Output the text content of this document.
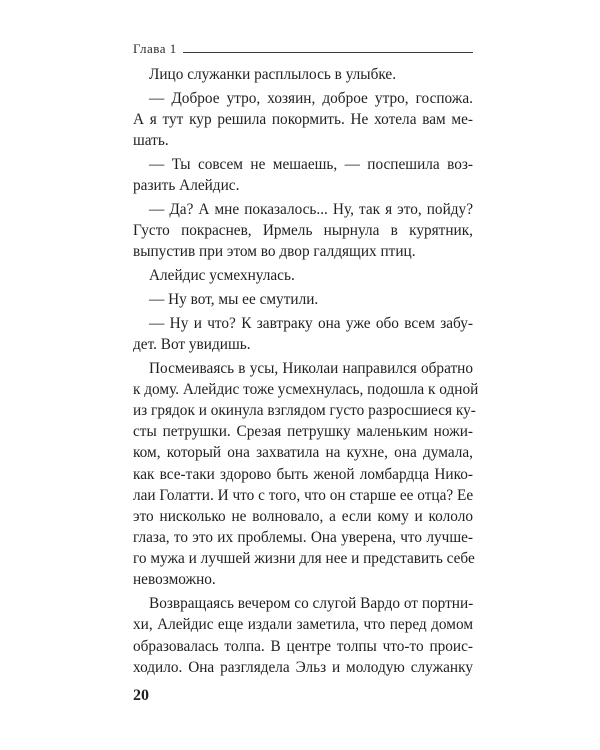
Глава 1
Лицо служанки расплылось в улыбке.
— Доброе утро, хозяин, доброе утро, госпожа.
А я тут кур решила покормить. Не хотела вам ме-
шать.
— Ты совсем не мешаешь, — поспешила воз-
разить Алейдис.
— Да? А мне показалось... Ну, так я это, пойду?
Густо покраснев, Ирмель нырнула в курятник,
выпустив при этом во двор галдящих птиц.
Алейдис усмехнулась.
— Ну вот, мы ее смутили.
— Ну и что? К завтраку она уже обо всем забу-
дет. Вот увидишь.
Посмеиваясь в усы, Николаи направился обратно
к дому. Алейдис тоже усмехнулась, подошла к одной
из грядок и окинула взглядом густо разросшиеся ку-
сты петрушки. Срезая петрушку маленьким ножи-
ком, который она захватила на кухне, она думала,
как все-таки здорово быть женой ломбардца Нико-
лаи Голатти. И что с того, что он старше ее отца? Ее
это нисколько не волновало, а если кому и кололо
глаза, то это их проблемы. Она уверена, что лучше-
го мужа и лучшей жизни для нее и представить себе
невозможно.
Возвращаясь вечером со слугой Вардо от портни-
хи, Алейдис еще издали заметила, что перед домом
образовалась толпа. В центре толпы что-то проис-
ходило. Она разглядела Эльз и молодую служанку
20
